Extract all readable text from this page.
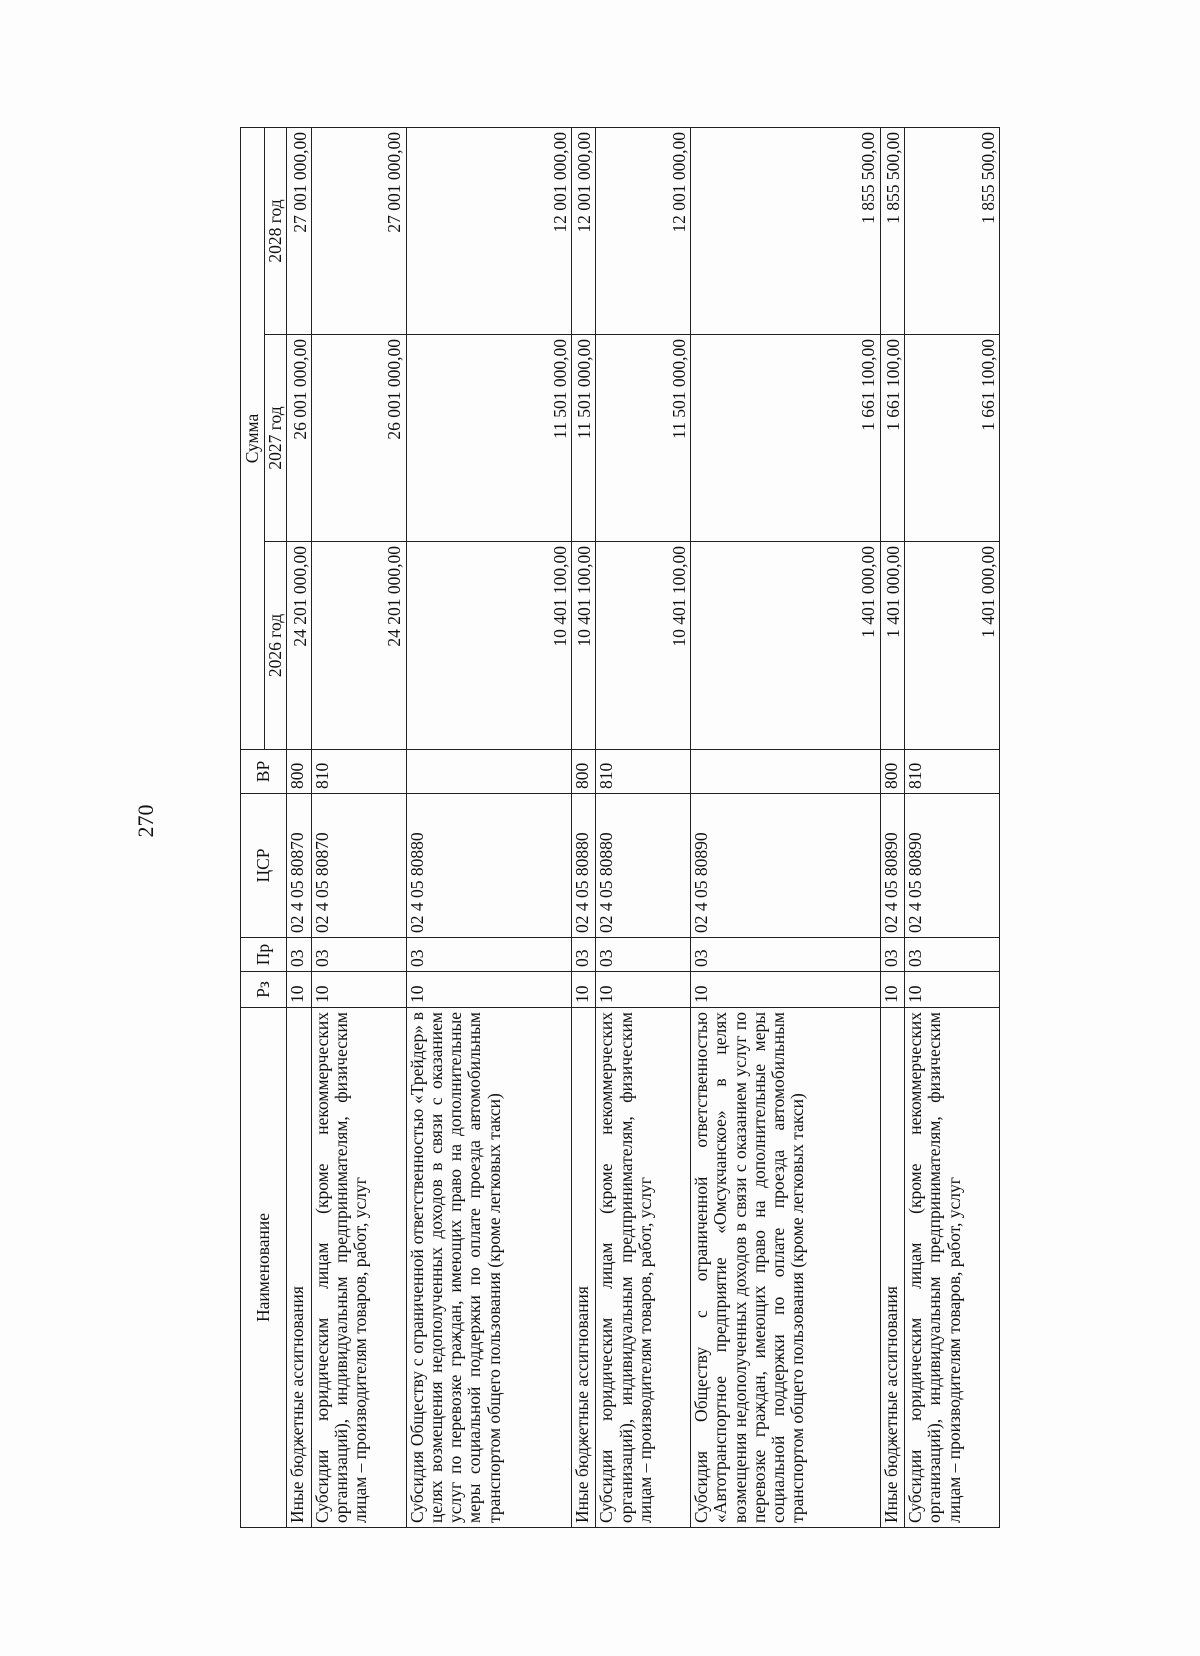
270
Наименование	Рз	Пр	ЦСР	ВР	Сумма		
					2026 год	2027 год	2028 год
Иные бюджетные ассигнования	10	03	02 4 05 80870	800	24 201 000,00	26 001 000,00	27 001 000,00
Субсидии юридическим лицам (кроме некоммерческих организаций), индивидуальным предпринимателям, физическим лицам – производителям товаров, работ, услуг	10	03	02 4 05 80870	810	24 201 000,00	26 001 000,00	27 001 000,00
Субсидия Обществу с ограниченной ответственностью «Трейдер» в целях возмещения недополученных доходов в связи с оказанием услуг по перевозке граждан, имеющих право на дополнительные меры социальной поддержки по оплате проезда автомобильным транспортом общего пользования (кроме легковых такси)	10	03	02 4 05 80880		10 401 100,00	11 501 000,00	12 001 000,00
Иные бюджетные ассигнования	10	03	02 4 05 80880	800	10 401 100,00	11 501 000,00	12 001 000,00
Субсидии юридическим лицам (кроме некоммерческих организаций), индивидуальным предпринимателям, физическим лицам – производителям товаров, работ, услуг	10	03	02 4 05 80880	810	10 401 100,00	11 501 000,00	12 001 000,00
Субсидия Обществу с ограниченной ответственностью «Автотранспортное предприятие «Омсукчанское» в целях возмещения недополученных доходов в связи с оказанием услуг по перевозке граждан, имеющих право на дополнительные меры социальной поддержки по оплате проезда автомобильным транспортом общего пользования (кроме легковых такси)	10	03	02 4 05 80890		1 401 000,00	1 661 100,00	1 855 500,00
Иные бюджетные ассигнования	10	03	02 4 05 80890	800	1 401 000,00	1 661 100,00	1 855 500,00
Субсидии юридическим лицам (кроме некоммерческих организаций), индивидуальным предпринимателям, физическим лицам – производителям товаров, работ, услуг	10	03	02 4 05 80890	810	1 401 000,00	1 661 100,00	1 855 500,00
